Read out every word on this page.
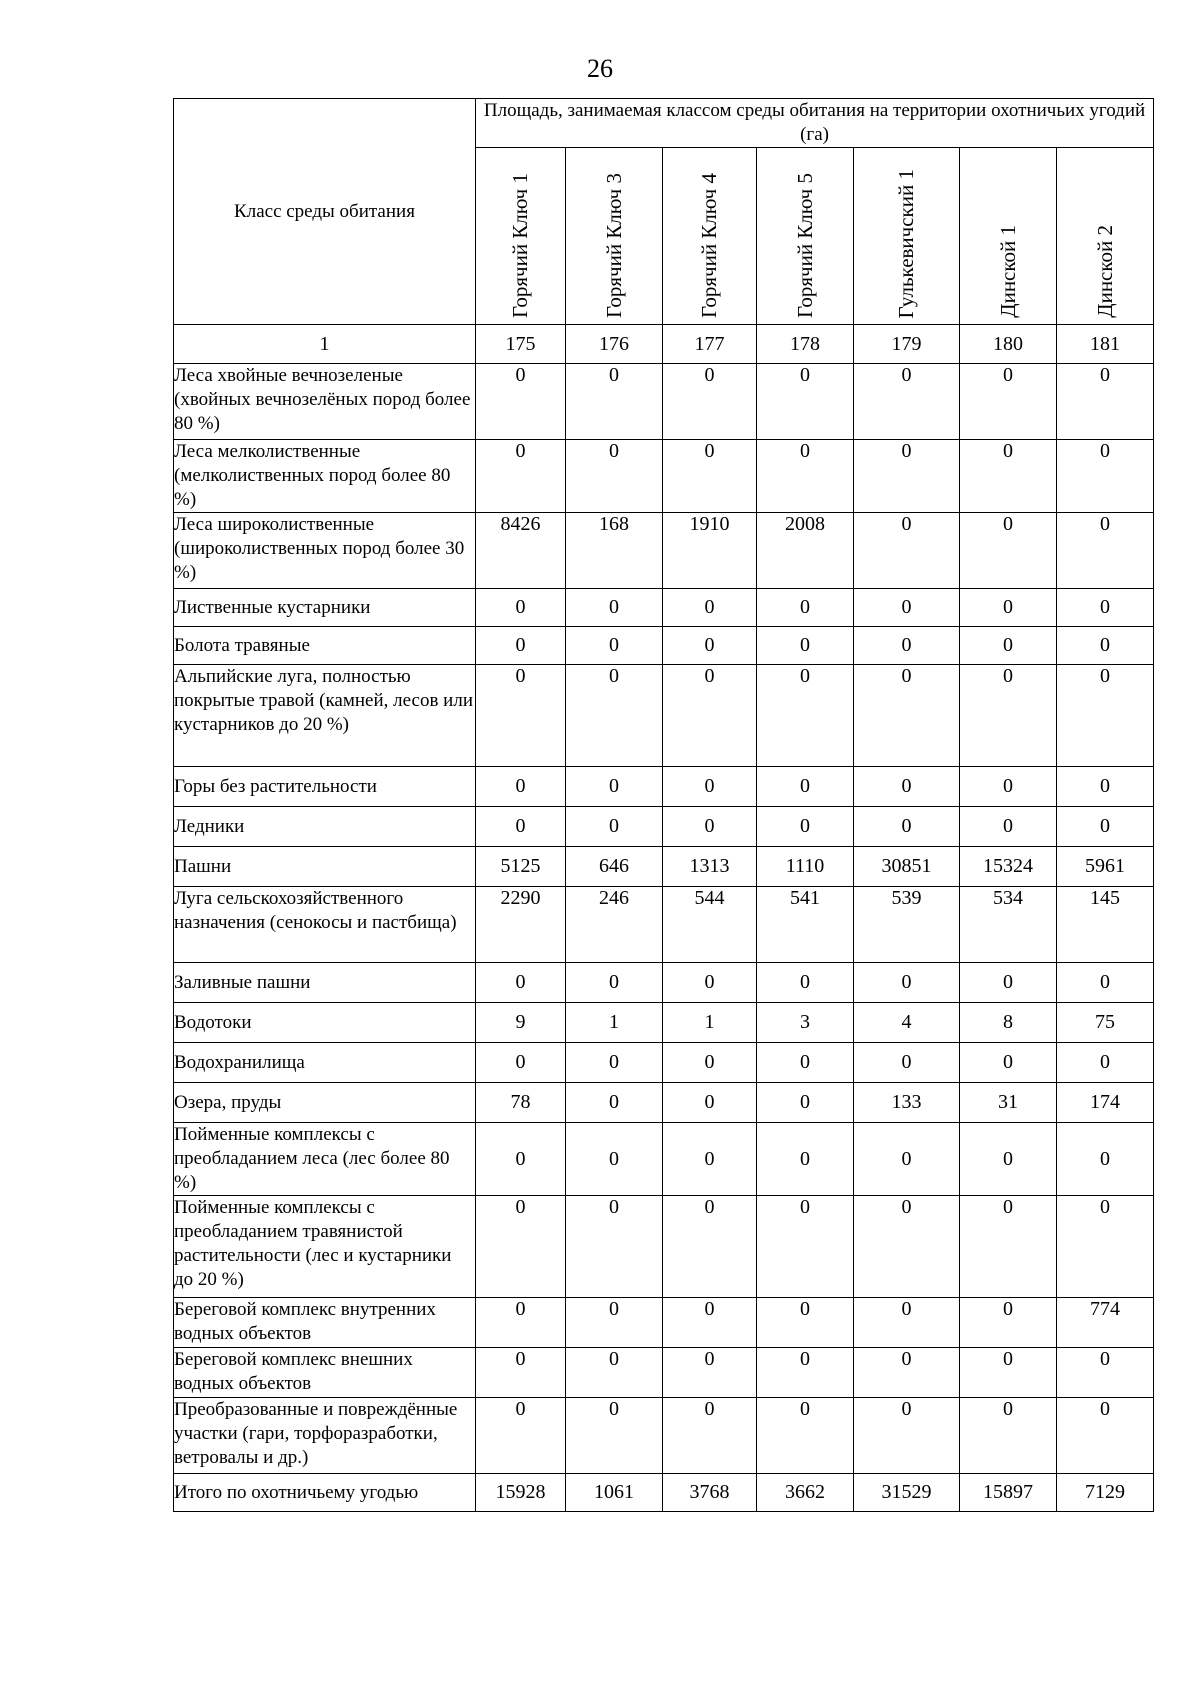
26
Класс среды обитания	Площадь, занимаемая классом среды обитания на территории охотничьих угодий (га)						
	Горячий Ключ 1	Горячий Ключ 3	Горячий Ключ 4	Горячий Ключ 5	Гулькевичский 1	Динской 1	Динской 2
1	175	176	177	178	179	180	181
Леса хвойные вечнозеленые (хвойных вечнозелёных пород более 80 %)	0	0	0	0	0	0	0
Леса мелколиственные (мелколиственных пород более 80 %)	0	0	0	0	0	0	0
Леса широколиственные (широколиственных пород более 30 %)	8426	168	1910	2008	0	0	0
Лиственные кустарники	0	0	0	0	0	0	0
Болота травяные	0	0	0	0	0	0	0
Альпийские луга, полностью покрытые травой (камней, лесов или кустарников до 20 %)	0	0	0	0	0	0	0
Горы без растительности	0	0	0	0	0	0	0
Ледники	0	0	0	0	0	0	0
Пашни	5125	646	1313	1110	30851	15324	5961
Луга сельскохозяйственного назначения (сенокосы и пастбища)	2290	246	544	541	539	534	145
Заливные пашни	0	0	0	0	0	0	0
Водотоки	9	1	1	3	4	8	75
Водохранилища	0	0	0	0	0	0	0
Озера, пруды	78	0	0	0	133	31	174
Пойменные комплексы с преобладанием леса (лес более 80 %)	0	0	0	0	0	0	0
Пойменные комплексы с преобладанием травянистой растительности (лес и кустарники до 20 %)	0	0	0	0	0	0	0
Береговой комплекс внутренних водных объектов	0	0	0	0	0	0	774
Береговой комплекс внешних водных объектов	0	0	0	0	0	0	0
Преобразованные и повреждённые участки (гари, торфоразработки, ветровалы и др.)	0	0	0	0	0	0	0
Итого по охотничьему угодью	15928	1061	3768	3662	31529	15897	7129
